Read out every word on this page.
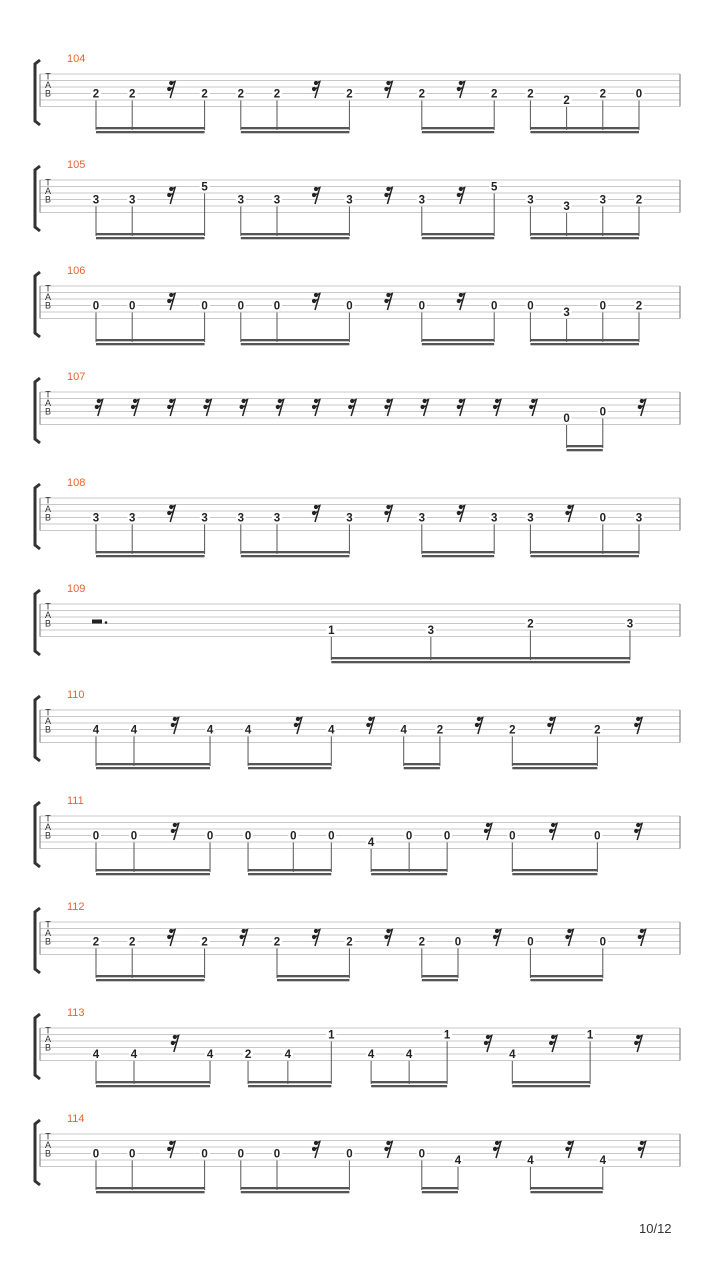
T
A
B
104
2	2	2	2	2	2	2	2	2
2
2	0
T
A
B
105
3	3
5
3	3	3	3
5
3
3
3	2
T
A
B
106
0	0	0	0	0	0	0	0	0
3
0	2
T
A
B
107
0
0
T
A
B
108
3	3	3	3	3	3	3	3	3	0	3
T
A
B
109
1	3
2	3
T
A
B
110
4	4	4	4	4	4	2	2	2
T
A
B
111
0	0	0	0	0	0
4
0	0	0	0
T
A
B
112
2	2	2	2	2	2	0	0	0
T
A
B
113
4	4	4	2	4
1
4	4
1
4
1
T
A
B
114
0	0	0	0	0	0	0
4	4	4
10/12
